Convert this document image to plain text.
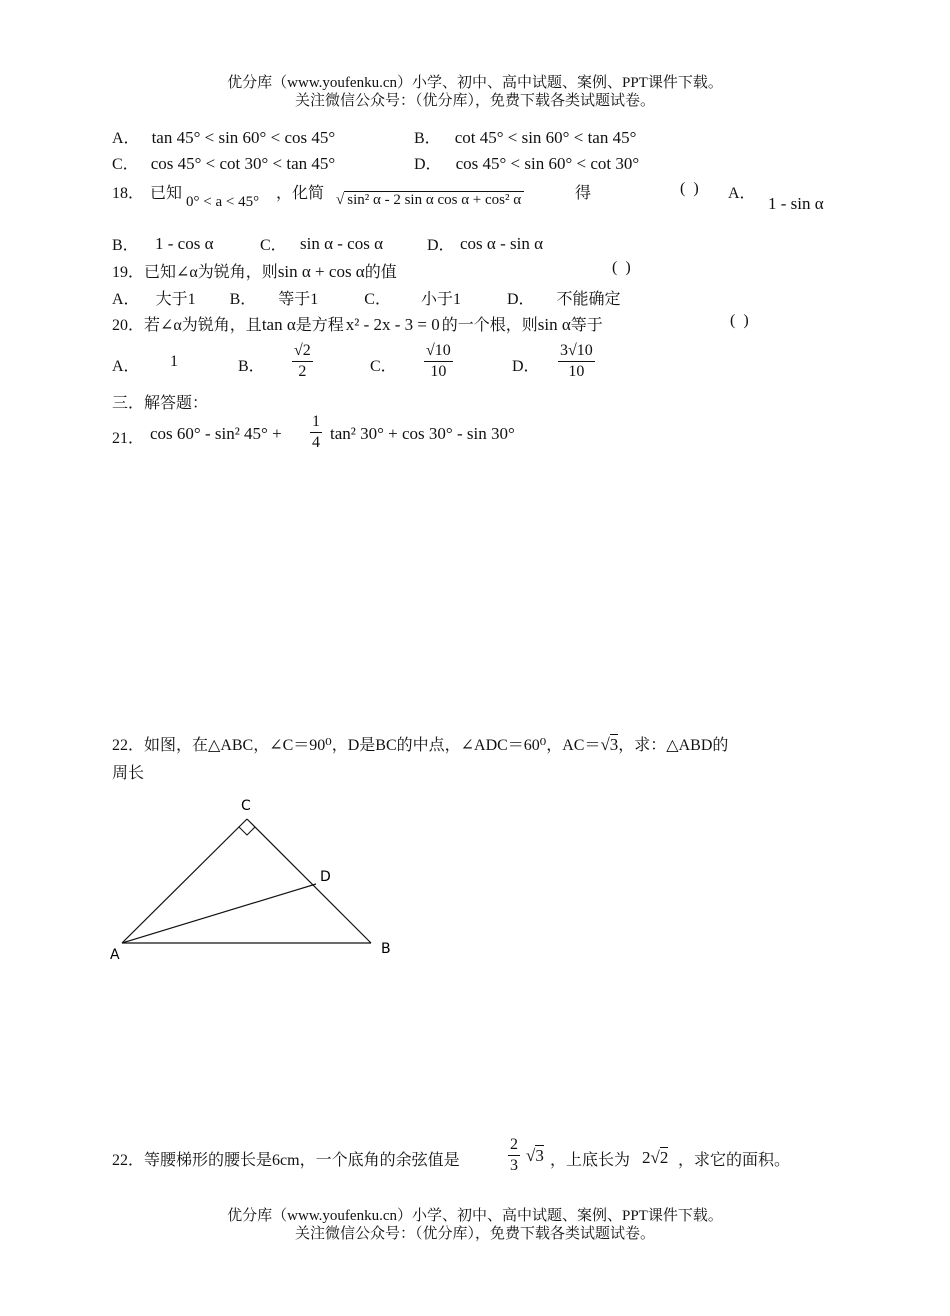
优分库（www.youfenku.cn）小学、初中、高中试题、案例、PPT课件下载。
关注微信公众号：（优分库），免费下载各类试题试卷。
A． tan 45° < sin 60° < cos 45°	B． cot 45° < sin 60° < tan 45°
C． cos 45° < cot 30° < tan 45°	D． cos 45° < sin 60° < cot 30°
18． 已知 0° < a < 45° ，化简 √ sin² α - 2 sin α cos α + cos² α	得	( ) A．
1 - sin α
B． 1 - cos α	C． sin α - cos α	D． cos α - sin α
19．已知∠α为锐角，则sin α + cos α的值	( )
A． 大于1 B． 等于1	C． 小于1	D． 不能确定
20．若∠α为锐角，且tan α是方程 x² - 2x - 3 = 0 的一个根，则sin α等于	( )
A． 1	B． $\frac{√2}{2}$	C． $\frac{√10}{10}$	D． $\frac{3√10}{10}$
三．解答题：
21． cos 60° - sin² $45^\circ + \frac{1}{4} \tan^2$ 30° + cos 30° - sin 30°
22．如图，在△ABC，∠C＝90⁰，D是BC的中点，∠ADC＝60⁰，AC＝√3，求：△ABD的
周长
C
D
A	B
22．等腰梯形的腰长是6cm，一个底角的余弦值是	$\frac{2}{3} √3$ ，上底长为 2√2 ，求它的面积。
优分库（www.youfenku.cn）小学、初中、高中试题、案例、PPT课件下载。
关注微信公众号：（优分库），免费下载各类试题试卷。
